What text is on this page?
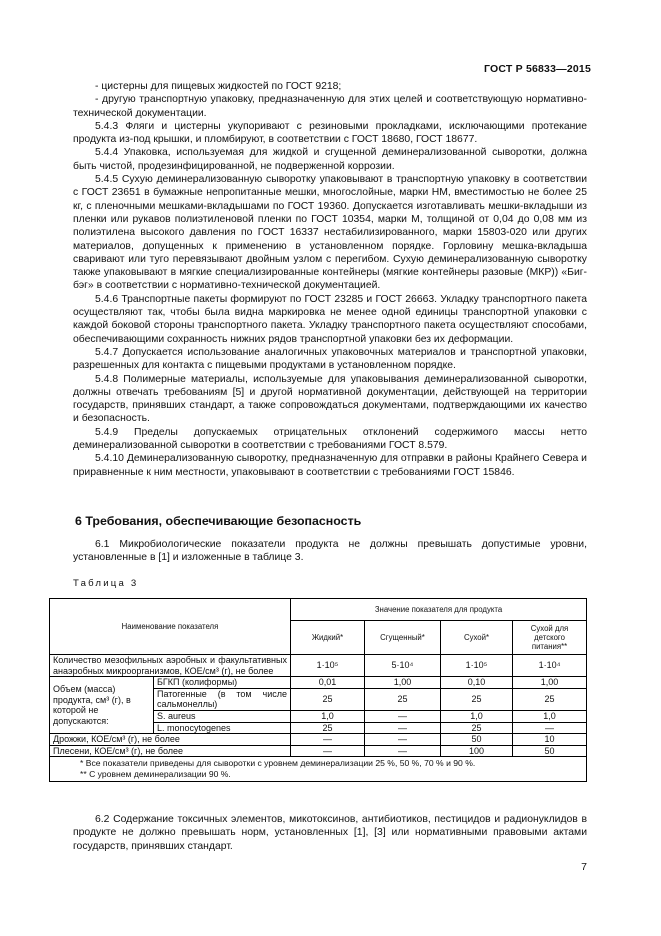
ГОСТ Р 56833—2015

- цистерны для пищевых жидкостей по ГОСТ 9218;

- другую транспортную упаковку, предназначенную для этих целей и соответствующую нормативно-технической документации.

5.4.3 Фляги и цистерны укупоривают с резиновыми прокладками, исключающими протекание продукта из-под крышки, и пломбируют, в соответствии с ГОСТ 18680, ГОСТ 18677.

5.4.4 Упаковка, используемая для жидкой и сгущенной деминерализованной сыворотки, должна быть чистой, продезинфицированной, не подверженной коррозии.

5.4.5 Сухую деминерализованную сыворотку упаковывают в транспортную упаковку в соответствии с ГОСТ 23651 в бумажные непропитанные мешки, многослойные, марки НМ, вместимостью не более 25 кг, с пленочными мешками-вкладышами по ГОСТ 19360. Допускается изготавливать мешки-вкладыши из пленки или рукавов полиэтиленовой пленки по ГОСТ 10354, марки М, толщиной от 0,04 до 0,08 мм из полиэтилена высокого давления по ГОСТ 16337 нестабилизированного, марки 15803-020 или других материалов, допущенных к применению в установленном порядке. Горловину мешка-вкладыша сваривают или туго перевязывают двойным узлом с перегибом. Сухую деминерализованную сыворотку также упаковывают в мягкие специализированные контейнеры (мягкие контейнеры разовые (МКР)) «Биг-бэг» в соответствии с нормативно-технической документацией.

5.4.6 Транспортные пакеты формируют по ГОСТ 23285 и ГОСТ 26663. Укладку транспортного пакета осуществляют так, чтобы была видна маркировка не менее одной единицы транспортной упаковки с каждой боковой стороны транспортного пакета. Укладку транспортного пакета осуществляют способами, обеспечивающими сохранность нижних рядов транспортной упаковки без их деформации.

5.4.7 Допускается использование аналогичных упаковочных материалов и транспортной упаковки, разрешенных для контакта с пищевыми продуктами в установленном порядке.

5.4.8 Полимерные материалы, используемые для упаковывания деминерализованной сыворотки, должны отвечать требованиям [5] и другой нормативной документации, действующей на территории государств, принявших стандарт, а также сопровождаться документами, подтверждающими их качество и безопасность.

5.4.9 Пределы допускаемых отрицательных отклонений содержимого массы нетто деминерализованной сыворотки в соответствии с требованиями ГОСТ 8.579.

5.4.10 Деминерализованную сыворотку, предназначенную для отправки в районы Крайнего Севера и приравненные к ним местности, упаковывают в соответствии с требованиями ГОСТ 15846.

6 Требования, обеспечивающие безопасность
6.1 Микробиологические показатели продукта не должны превышать допустимые уровни, установленные в [1] и изложенные в таблице 3.
Таблица 3
Наименование показателя		Значение показателя для продукта			
		Жидкий*	Сгущенный*	Сухой*	Сухой для детского питания**
Количество мезофильных аэробных и факультативных анаэробных микроорганизмов, КОЕ/см³ (г), не более		1·10⁵	5·10⁴	1·10⁵	1·10⁴
Объем (масса) продукта, см³ (г), в которой не допускаются:	БГКП (колиформы)	0,01	1,00	0,10	1,00
	Патогенные (в том числе сальмонеллы)	25	25	25	25
	S. aureus	1,0	—	1,0	1,0
	L. monocytogenes	25	—	25	—
Дрожжи, КОЕ/см³ (г), не более		—	—	50	10
Плесени, КОЕ/см³ (г), не более		—	—	100	50

* Все показатели приведены для сыворотки с уровнем деминерализации 25 %, 50 %, 70 % и 90 %.
** С уровнем деминерализации 90 %.					
6.2 Содержание токсичных элементов, микотоксинов, антибиотиков, пестицидов и радионуклидов в продукте не должно превышать норм, установленных [1], [3] или нормативными правовыми актами государств, принявших стандарт.
7
